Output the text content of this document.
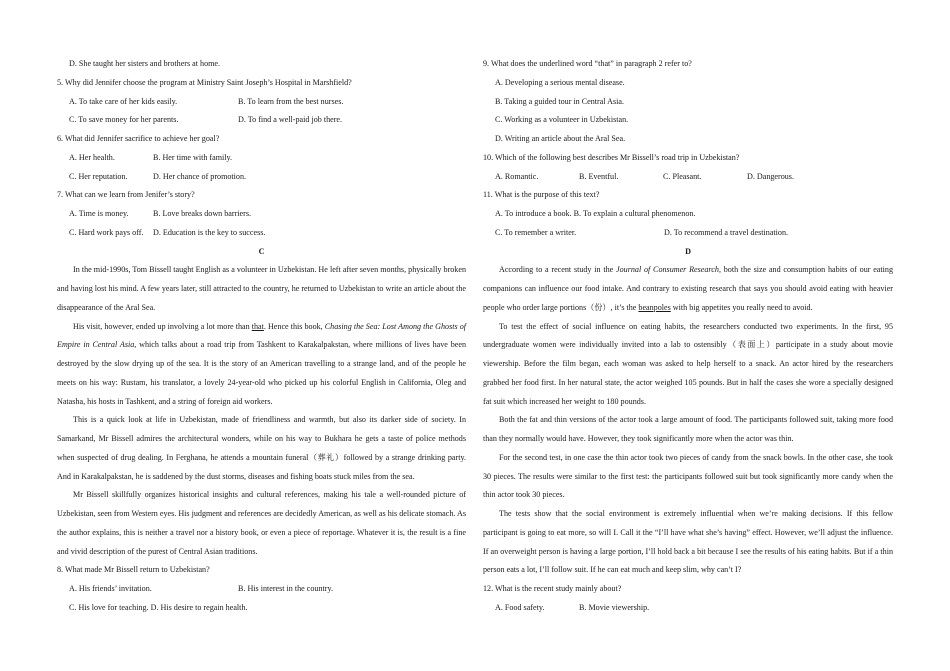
D. She taught her sisters and brothers at home.
5. Why did Jennifer choose the program at Ministry Saint Joseph’s Hospital in Marshfield?
A. To take care of her kids easily.	B. To learn from the best nurses.
C. To save money for her parents.	D. To find a well-paid job there.
6. What did Jennifer sacrifice to achieve her goal?
A. Her health.	B. Her time with family.
C. Her reputation.	D. Her chance of promotion.
7. What can we learn from Jenifer’s story?
A. Time is money.	B. Love breaks down barriers.
C. Hard work pays off.	D. Education is the key to success.
C

In the mid-1990s, Tom Bissell taught English as a volunteer in Uzbekistan. He left after seven months, physically broken and having lost his mind. A few years later, still attracted to the country, he returned to Uzbekistan to write an article about the disappearance of the Aral Sea.

His visit, however, ended up involving a lot more than that. Hence this book, Chasing the Sea: Lost Among the Ghosts of Empire in Central Asia, which talks about a road trip from Tashkent to Karakalpakstan, where millions of lives have been destroyed by the slow drying up of the sea. It is the story of an American travelling to a strange land, and of the people he meets on his way: Rustam, his translator, a lovely 24-year-old who picked up his colorful English in California, Oleg and Natasha, his hosts in Tashkent, and a string of foreign aid workers.

This is a quick look at life in Uzbekistan, made of friendliness and warmth, but also its darker side of society. In Samarkand, Mr Bissell admires the architectural wonders, while on his way to Bukhara he gets a taste of police methods when suspected of drug dealing. In Ferghana, he attends a mountain funeral（葬礼）followed by a strange drinking party. And in Karakalpakstan, he is saddened by the dust storms, diseases and fishing boats stuck miles from the sea.

Mr Bissell skillfully organizes historical insights and cultural references, making his tale a well-rounded picture of Uzbekistan, seen from Western eyes. His judgment and references are decidedly American, as well as his delicate stomach. As the author explains, this is neither a travel nor a history book, or even a piece of reportage. Whatever it is, the result is a fine and vivid description of the purest of Central Asian traditions.

8. What made Mr Bissell return to Uzbekistan?
A. His friends’ invitation.	B. His interest in the country.
C. His love for teaching.
D. His desire to regain health.
9. What does the underlined word “that” in paragraph 2 refer to?
A. Developing a serious mental disease.
B. Taking a guided tour in Central Asia.
C. Working as a volunteer in Uzbekistan.
D. Writing an article about the Aral Sea.
10. Which of the following best describes Mr Bissell’s road trip in Uzbekistan?
A. Romantic.	B. Eventful.	C. Pleasant.	D. Dangerous.
11. What is the purpose of this text?
A. To introduce a book.
B. To explain a cultural phenomenon.
C. To remember a writer.	D. To recommend a travel destination.
D

According to a recent study in the Journal of Consumer Research, both the size and consumption habits of our eating companions can influence our food intake. And contrary to existing research that says you should avoid eating with heavier people who order large portions（份）, it’s the beanpoles with big appetites you really need to avoid.

To test the effect of social influence on eating habits, the researchers conducted two experiments. In the first, 95 undergraduate women were individually invited into a lab to ostensibly（表面上）participate in a study about movie viewership. Before the film began, each woman was asked to help herself to a snack. An actor hired by the researchers grabbed her food first. In her natural state, the actor weighed 105 pounds. But in half the cases she wore a specially designed fat suit which increased her weight to 180 pounds.

Both the fat and thin versions of the actor took a large amount of food. The participants followed suit, taking more food than they normally would have. However, they took significantly more when the actor was thin.

For the second test, in one case the thin actor took two pieces of candy from the snack bowls. In the other case, she took 30 pieces. The results were similar to the first test: the participants followed suit but took significantly more candy when the thin actor took 30 pieces.

The tests show that the social environment is extremely influential when we’re making decisions. If this fellow participant is going to eat more, so will I. Call it the “I’ll have what she’s having” effect. However, we’ll adjust the influence. If an overweight person is having a large portion, I’ll hold back a bit because I see the results of his eating habits. But if a thin person eats a lot, I’ll follow suit. If he can eat much and keep slim, why can’t I?

12. What is the recent study mainly about?
A. Food safety.	B. Movie viewership.
